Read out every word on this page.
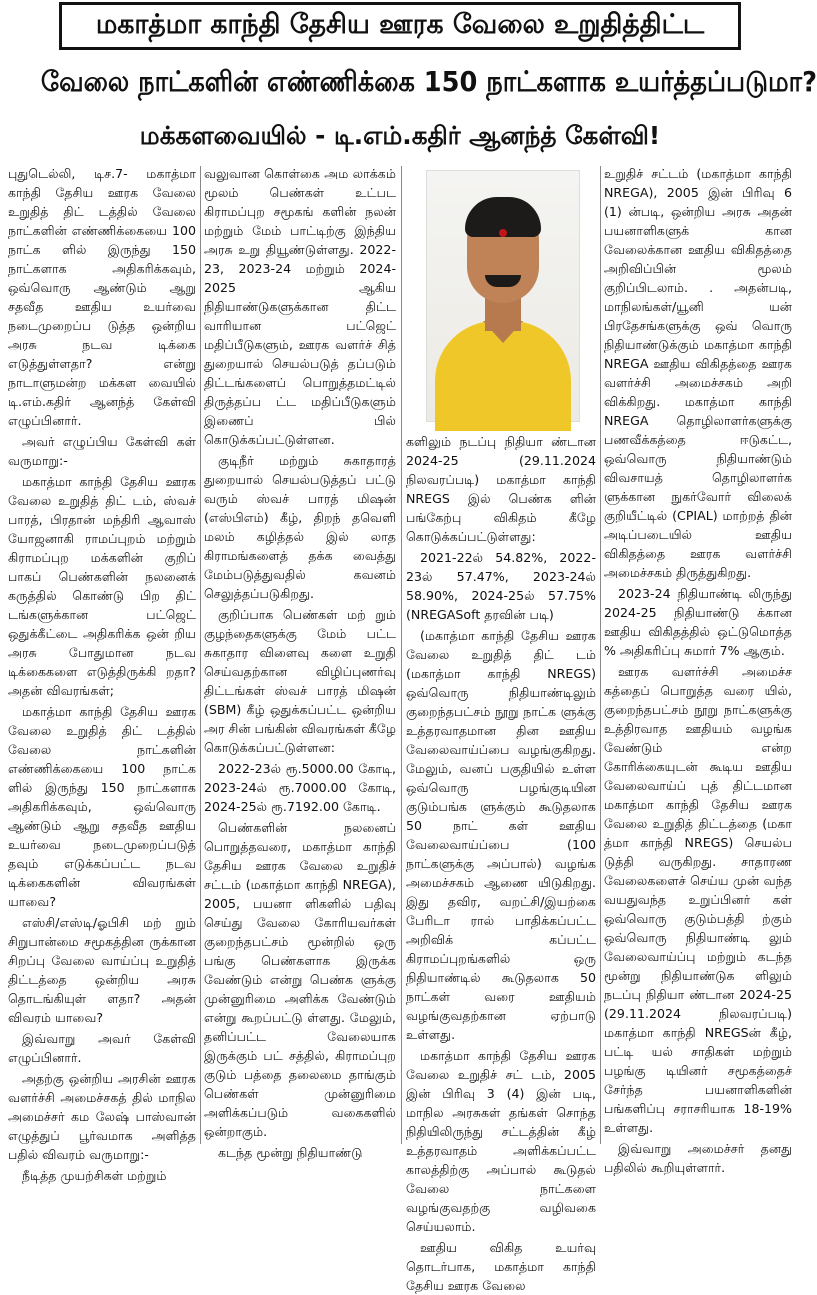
மகாத்மா காந்தி தேசிய ஊரக வேலை உறுதித்திட்ட
வேலை நாட்களின் எண்ணிக்கை 150 நாட்களாக உயர்த்தப்படுமா?
மக்களவையில் - டி.எம்.கதிர் ஆனந்த் கேள்வி!

புதுடெல்லி, டிச.7- மகாத்மா காந்தி தேசிய ஊரக வேலை உறுதித் திட் டத்தில் வேலை நாட்களின் எண்ணிக்கையை 100 நாட்க ளில் இருந்து 150 நாட்களாக அதிகரிக்கவும், ஒவ்வொரு ஆண்டும் ஆறு சதவீத ஊதிய உயர்வை நடைமுறைப்ப டுத்த ஒன்றிய அரசு நடவ டிக்கை எடுத்துள்ளதா? என்று நாடாளுமன்ற மக்கள வையில் டி.எம்.கதிர் ஆனந்த் கேள்வி எழுப்பினார்.

அவர் எழுப்பிய கேள்வி கள் வருமாறு:-

மகாத்மா காந்தி தேசிய ஊரக வேலை உறுதித் திட் டம், ஸ்வச் பாரத், பிரதான் மந்திரி ஆவாஸ் யோஜனாகி ராமப்புறம் மற்றும் கிராமப்புற மக்களின் குறிப் பாகப் பெண்களின் நலனைக் கருத்தில் கொண்டு பிற திட் டங்களுக்கான பட்ஜெட் ஒதுக்கீட்டை அதிகரிக்க ஒன் றிய அரசு போதுமான நடவ டிக்கைகளை எடுத்திருக்கி றதா? அதன் விவரங்கள்;

மகாத்மா காந்தி தேசிய ஊரக வேலை உறுதித் திட் டத்தில் வேலை நாட்களின் எண்ணிக்கையை 100 நாட்க ளில் இருந்து 150 நாட்களாக அதிகரிக்கவும், ஒவ்வொரு ஆண்டும் ஆறு சதவீத ஊதிய உயர்வை நடைமுறைப்படுத் தவும் எடுக்கப்பட்ட நடவ டிக்கைகளின் விவரங்கள் யாவை?

எஸ்சி/எஸ்டி/ஓபிசி மற் றும் சிறுபான்மை சமூகத்தின ருக்கான சிறப்பு வேலை வாய்ப்பு உறுதித் திட்டத்தை ஒன்றிய அரசு தொடங்கியுள் ளதா? அதன் விவரம் யாவை?

இவ்வாறு அவர் கேள்வி எழுப்பினார்.

அதற்கு ஒன்றிய அரசின் ஊரக வளர்ச்சி அமைச்சகத் தில் மாநில அமைச்சர் கம லேஷ் பாஸ்வான் எழுத்துப் பூர்வமாக அளித்த பதில் விவரம் வருமாறு:-

நீடித்த முயற்சிகள் மற்றும்

வலுவான கொள்கை அம லாக்கம் மூலம் பெண்கள் உட்பட கிராமப்புற சமூகங் களின் நலன் மற்றும் மேம் பாட்டிற்கு இந்திய அரசு உறு தியூண்டுள்ளது. 2022-23, 2023-24 மற்றும் 2024-2025 ஆகிய நிதியாண்டுகளுக்கான திட்ட வாரியான பட்ஜெட் மதிப்பீடுகளும், ஊரக வளர்ச் சித் துறையால் செயல்படுத் தப்படும் திட்டங்களைப் பொறுத்தமட்டில் திருத்தப்ப ட்ட மதிப்பீடுகளும் இணைப் பில் கொடுக்கப்பட்டுள்ளன.

குடிநீர் மற்றும் சுகாதாரத் துறையால் செயல்படுத்தப் பட்டு வரும் ஸ்வச் பாரத் மிஷன் (எஸ்பிஎம்) கீழ், திறந் தவெளி மலம் கழித்தல் இல் லாத கிராமங்களைத் தக்க வைத்து மேம்படுத்துவதில் கவனம் செலுத்தப்படுகிறது.

குறிப்பாக பெண்கள் மற் றும் குழந்தைகளுக்கு மேம் பட்ட சுகாதார விளைவு களை உறுதி செய்வதற்கான விழிப்புணர்வு திட்டங்கள் ஸ்வச் பாரத் மிஷன் (SBM) கீழ் ஒதுக்கப்பட்ட ஒன்றிய அர சின் பங்கின் விவரங்கள் கீழே கொடுக்கப்பட்டுள்ளன:

2022-23ல் ரூ.5000.00 கோடி, 2023-24ல் ரூ.7000.00 கோடி, 2024-25ல் ரூ.7192.00 கோடி.

பெண்களின் நலனைப் பொறுத்தவரை, மகாத்மா காந்தி தேசிய ஊரக வேலை உறுதிச் சட்டம் (மகாத்மா காந்தி NREGA), 2005, பயனா ளிகளில் பதிவு செய்து வேலை கோரியவர்கள் குறைந்தபட்சம் மூன்றில் ஒரு பங்கு பெண்களாக இருக்க வேண்டும் என்று பெண்க ளுக்கு முன்னுரிமை அளிக்க வேண்டும் என்று கூறப்பட்டு ள்ளது. மேலும், தனிப்பட்ட வேலையாக இருக்கும் பட் சத்தில், கிராமப்புற குடும் பத்தை தலைமை தாங்கும் பெண்கள் முன்னுரிமை அளிக்கப்படும் வகைகளில் ஒன்றாகும்.

கடந்த மூன்று நிதியாண்டு

களிலும் நடப்பு நிதியா ண்டான 2024-25 (29.11.2024 நிலவரப்படி) மகாத்மா காந்தி NREGS இல் பெண்க ளின் பங்கேற்பு விகிதம் கீழே கொடுக்கப்பட்டுள்ளது:

2021-22ல் 54.82%, 2022-23ல் 57.47%, 2023-24ல் 58.90%, 2024-25ல் 57.75% (NREGASoft தரவின் படி)

(மகாத்மா காந்தி தேசிய ஊரக வேலை உறுதித் திட் டம் (மகாத்மா காந்தி NREGS) ஒவ்வொரு நிதியாண்டிலும் குறைந்தபட்சம் நூறு நாட்க ளுக்கு உத்தரவாதமான தின ஊதிய வேலைவாய்ப்பை வழங்குகிறது. மேலும், வனப் பகுதியில் உள்ள ஒவ்வொரு பழங்குடியின குடும்பங்க ளுக்கும் கூடுதலாக 50 நாட் கள் ஊதிய வேலைவாய்ப்பை (100 நாட்களுக்கு அப்பால்) வழங்க அமைச்சகம் ஆணை யிடுகிறது. இது தவிர, வறட்சி/இயற்கை பேரிடா ரால் பாதிக்கப்பட்ட அறிவிக் கப்பட்ட கிராமப்புறங்களில் ஒரு நிதியாண்டில் கூடுதலாக 50 நாட்கள் வரை ஊதியம் வழங்குவதற்கான ஏற்பாடு உள்ளது.

மகாத்மா காந்தி தேசிய ஊரக வேலை உறுதிச் சட் டம், 2005 இன் பிரிவு 3 (4) இன் படி, மாநில அரசுகள் தங்கள் சொந்த நிதியிலிருந்து சட்டத்தின் கீழ் உத்தரவாதம் அளிக்கப்பட்ட காலத்திற்கு அப்பால் கூடுதல் வேலை நாட்களை வழங்குவதற்கு வழிவகை செய்யலாம்.

ஊதிய விகித உயர்வு தொடர்பாக, மகாத்மா காந்தி தேசிய ஊரக வேலை

உறுதிச் சட்டம் (மகாத்மா காந்தி NREGA), 2005 இன் பிரிவு 6 (1) ன்படி, ஒன்றிய அரசு அதன் பயனாளிகளுக் கான வேலைக்கான ஊதிய விகிதத்தை அறிவிப்பின் மூலம் குறிப்பிடலாம். . அதன்படி, மாநிலங்கள்/யூனி யன் பிரதேசங்களுக்கு ஒவ் வொரு நிதியாண்டுக்கும் மகாத்மா காந்தி NREGA ஊதிய விகிதத்தை ஊரக வளர்ச்சி அமைச்சகம் அறி விக்கிறது. மகாத்மா காந்தி NREGA தொழிலாளர்களுக்கு பணவீக்கத்தை ஈடுகட்ட, ஒவ்வொரு நிதியாண்டும் விவசாயத் தொழிலாளர்க ளுக்கான நுகர்வோர் விலைக் குறியீட்டில் (CPIAL) மாற்றத் தின் அடிப்படையில் ஊதிய விகிதத்தை ஊரக வளர்ச்சி அமைச்சகம் திருத்துகிறது.

2023-24 நிதியாண்டி லிருந்து 2024-25 நிதியாண்டு க்கான ஊதிய விகிதத்தில் ஒட்டுமொத்த % அதிகரிப்பு சுமார் 7% ஆகும்.

ஊரக வளர்ச்சி அமைச்ச கத்தைப் பொறுத்த வரை யில், குறைந்தபட்சம் நூறு நாட்களுக்கு உத்திரவாத ஊதியம் வழங்க வேண்டும் என்ற கோரிக்கையுடன் கூடிய ஊதிய வேலைவாய்ப் புத் திட்டமான மகாத்மா காந்தி தேசிய ஊரக வேலை உறுதித் திட்டத்தை (மகா த்மா காந்தி NREGS) செயல்ப டுத்தி வருகிறது. சாதாரண வேலைகளைச் செய்ய முன் வந்த வயதுவந்த உறுப்பினர் கள் ஒவ்வொரு குடும்பத்தி ற்கும் ஒவ்வொரு நிதியாண்டி லும் வேலைவாய்ப்பு மற்றும் கடந்த மூன்று நிதியாண்டுக ளிலும் நடப்பு நிதியா ண்டான 2024-25 (29.11.2024 நிலவரப்படி) மகாத்மா காந்தி NREGSன் கீழ், பட்டி யல் சாதிகள் மற்றும் பழங்கு டியினர் சமூகத்தைச் சேர்ந்த பயனாளிகளின் பங்களிப்பு சராசரியாக 18-19% உள்ளது.

இவ்வாறு அமைச்சர் தனது பதிலில் கூறியுள்ளார்.
